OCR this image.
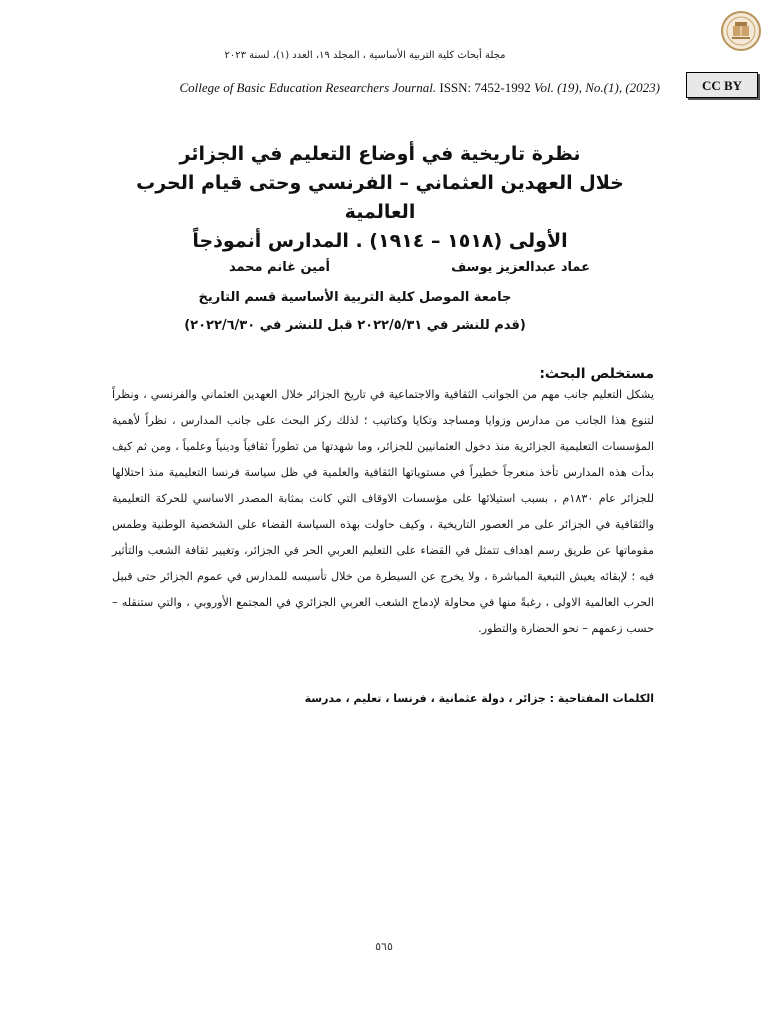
مجلة أبحاث كلية التربية الأساسية ، المجلد ١٩، العدد (١)، لسنة ٢٠٢٣
College of Basic Education Researchers Journal. ISSN: 7452-1992 Vol. (19), No.(1), (2023)	CC BY
نظرة تاريخية في أوضاع التعليم في الجزائر
خلال العهدين العثماني – الفرنسي وحتى قيام الحرب العالمية
الأولى (١٥١٨ – ١٩١٤) . المدارس أنموذجاً
عماد عبدالعزيز يوسف
أمين غانم محمد
جامعة الموصل كلية التربية الأساسية قسم التاريخ
(قدم للنشر في ٢٠٢٢/٥/٣١ قبل للنشر في ٢٠٢٢/٦/٣٠)
مستخلص البحث:
يشكل التعليم جانب مهم من الجوانب الثقافية والاجتماعية في تاريخ الجزائر خلال العهدين العثماني والفرنسي ، ونظراً لتنوع هذا الجانب من مدارس وزوايا ومساجد وتكايا وكتاتيب ؛ لذلك ركز البحث على جانب المدارس ، نظراً لأهمية المؤسسات التعليمية الجزائرية منذ دخول العثمانيين للجزائر، وما شهدتها من تطوراً ثقافياً ودينياً وعلمياً ، ومن ثم كيف بدأت هذه المدارس تأخذ منعرجاً خطيراً في مستوياتها الثقافية والعلمية في ظل سياسة فرنسا التعليمية منذ احتلالها للجزائر عام ١٨٣٠م ، بسبب استيلائها على مؤسسات الاوقاف التي كانت بمثابة المصدر الاساسي للحركة التعليمية والثقافية في الجزائر على مر العصور التاريخية ، وكيف حاولت بهذه السياسة القضاء على الشخصية الوطنية وطمس مقوماتها عن طريق رسم اهداف تتمثل في القضاء على التعليم العربي الحر في الجزائر، وتغيير ثقافة الشعب والتأثير فيه ؛ لإبقائه يعيش التبعية المباشرة ، ولا يخرج عن السيطرة من خلال تأسيسه للمدارس في عموم الجزائر حتى قبيل الحرب العالمية الاولى ، رغبةً منها في محاولة لإدماج الشعب العربي الجزائري في المجتمع الأوروبي ، والتي ستنقله – حسب زعمهم – نحو الحضارة والتطور.
الكلمات المفتاحية : جزائر ، دولة عثمانية ، فرنسا ، تعليم ، مدرسة
٥٦٥
